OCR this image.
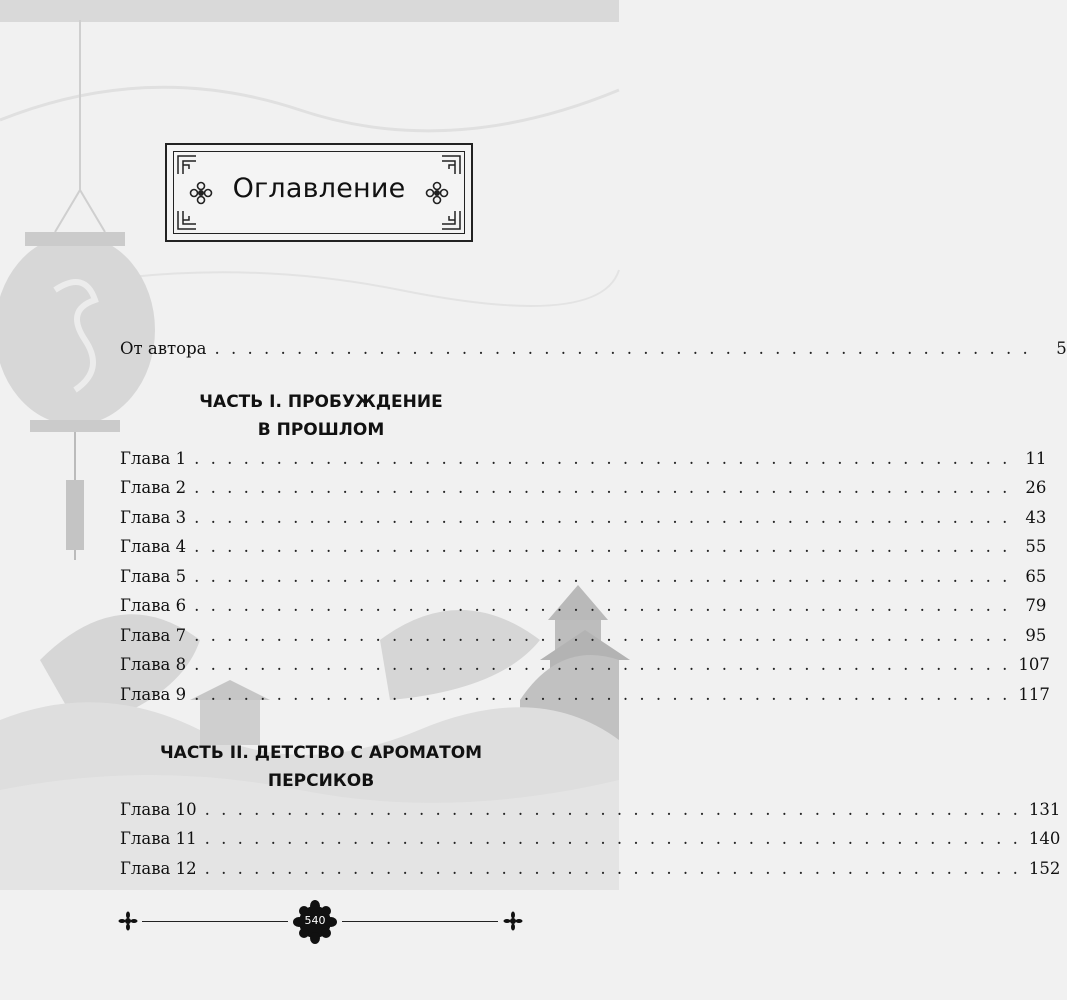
Оглавление
От автора . . . . . . . . . . . . . . . . . . . . . . . . . . . . . . . . . . . . . . . . . . . . . . . . . .	5
ЧАСТЬ I. ПРОБУЖДЕНИЕ
В ПРОШЛОМ
Глава 1 . . . . . . . . . . . . . . . . . . . . . . . . . . . . . . . . . . . . . . . . . . . . . . . . . . 11
Глава 2 . . . . . . . . . . . . . . . . . . . . . . . . . . . . . . . . . . . . . . . . . . . . . . . . . . 26
Глава 3 . . . . . . . . . . . . . . . . . . . . . . . . . . . . . . . . . . . . . . . . . . . . . . . . . . 43
Глава 4 . . . . . . . . . . . . . . . . . . . . . . . . . . . . . . . . . . . . . . . . . . . . . . . . . . 55
Глава 5 . . . . . . . . . . . . . . . . . . . . . . . . . . . . . . . . . . . . . . . . . . . . . . . . . . 65
Глава 6 . . . . . . . . . . . . . . . . . . . . . . . . . . . . . . . . . . . . . . . . . . . . . . . . . . 79
Глава 7 . . . . . . . . . . . . . . . . . . . . . . . . . . . . . . . . . . . . . . . . . . . . . . . . . . 95
Глава 8 . . . . . . . . . . . . . . . . . . . . . . . . . . . . . . . . . . . . . . . . . . . . . . . . . . 107
Глава 9 . . . . . . . . . . . . . . . . . . . . . . . . . . . . . . . . . . . . . . . . . . . . . . . . . . 117
ЧАСТЬ II. ДЕТСТВО С АРОМАТОМ
ПЕРСИКОВ
Глава 10 . . . . . . . . . . . . . . . . . . . . . . . . . . . . . . . . . . . . . . . . . . . . . . . . . . 131
Глава 11 . . . . . . . . . . . . . . . . . . . . . . . . . . . . . . . . . . . . . . . . . . . . . . . . . . 140
Глава 12 . . . . . . . . . . . . . . . . . . . . . . . . . . . . . . . . . . . . . . . . . . . . . . . . . . 152
540
